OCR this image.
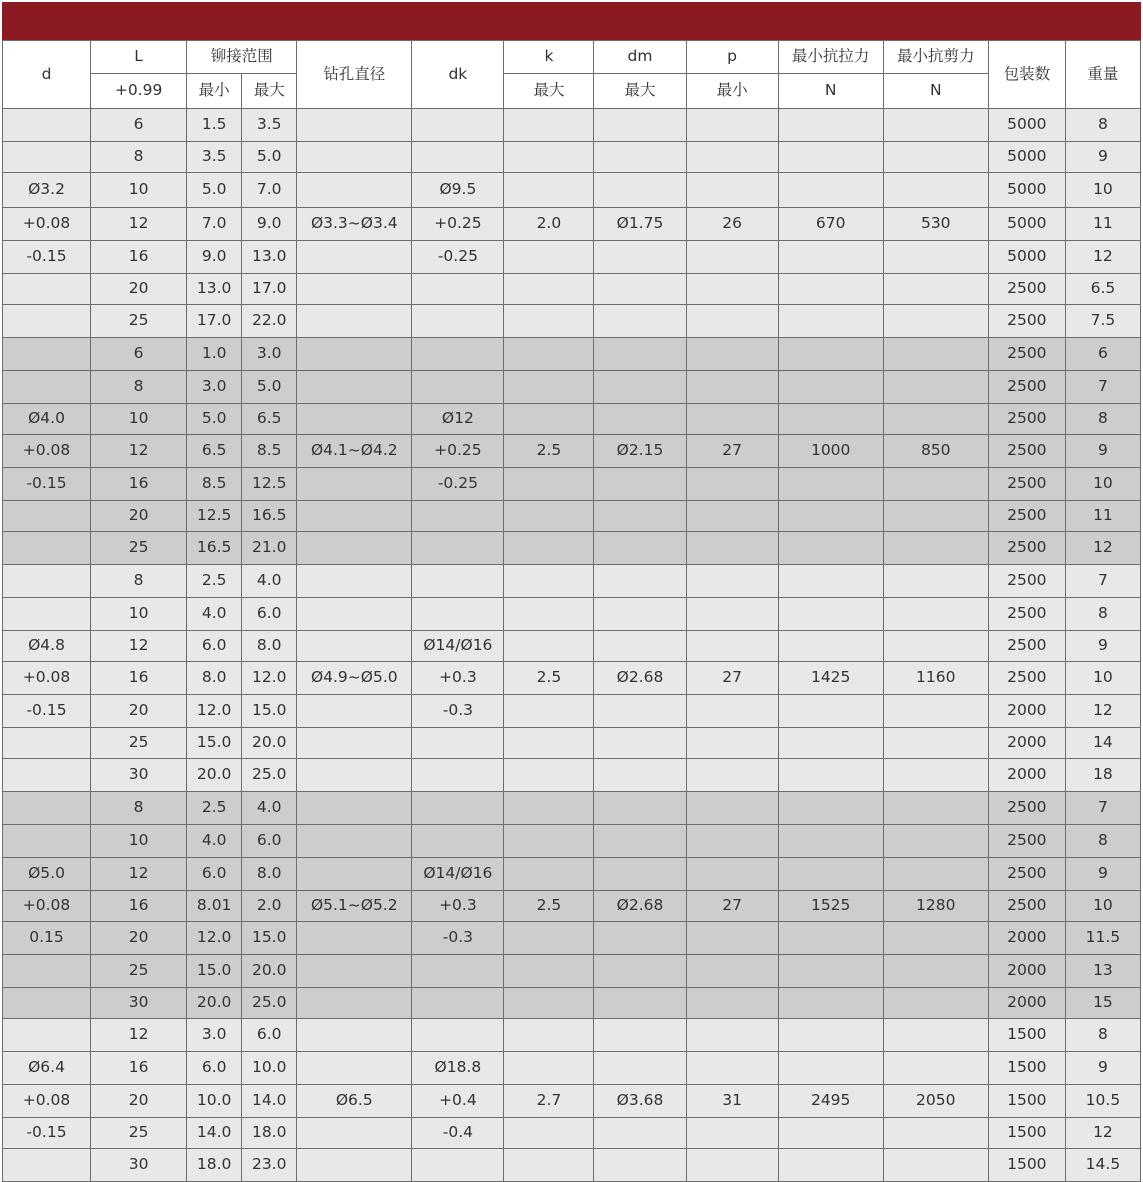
d	L	铆接范围		钻孔直径	dk	k	dm	p	最小抗拉力	最小抗剪力	包装数	重量
	+0.99	最小	最大			最大	最大	最小	N	N		
	6	1.5	3.5								5000	8
	8	3.5	5.0								5000	9
Ø3.2	10	5.0	7.0		Ø9.5						5000	10
+0.08	12	7.0	9.0	Ø3.3~Ø3.4	+0.25	2.0	Ø1.75	26	670	530	5000	11
-0.15	16	9.0	13.0		-0.25						5000	12
	20	13.0	17.0								2500	6.5
	25	17.0	22.0								2500	7.5
	6	1.0	3.0								2500	6
	8	3.0	5.0								2500	7
Ø4.0	10	5.0	6.5		Ø12						2500	8
+0.08	12	6.5	8.5	Ø4.1~Ø4.2	+0.25	2.5	Ø2.15	27	1000	850	2500	9
-0.15	16	8.5	12.5		-0.25						2500	10
	20	12.5	16.5								2500	11
	25	16.5	21.0								2500	12
	8	2.5	4.0								2500	7
	10	4.0	6.0								2500	8
Ø4.8	12	6.0	8.0		Ø14/Ø16						2500	9
+0.08	16	8.0	12.0	Ø4.9~Ø5.0	+0.3	2.5	Ø2.68	27	1425	1160	2500	10
-0.15	20	12.0	15.0		-0.3						2000	12
	25	15.0	20.0								2000	14
	30	20.0	25.0								2000	18
	8	2.5	4.0								2500	7
	10	4.0	6.0								2500	8
Ø5.0	12	6.0	8.0		Ø14/Ø16						2500	9
+0.08	16	8.01	2.0	Ø5.1~Ø5.2	+0.3	2.5	Ø2.68	27	1525	1280	2500	10
0.15	20	12.0	15.0		-0.3						2000	11.5
	25	15.0	20.0								2000	13
	30	20.0	25.0								2000	15
	12	3.0	6.0								1500	8
Ø6.4	16	6.0	10.0		Ø18.8						1500	9
+0.08	20	10.0	14.0	Ø6.5	+0.4	2.7	Ø3.68	31	2495	2050	1500	10.5
-0.15	25	14.0	18.0		-0.4						1500	12
	30	18.0	23.0								1500	14.5
